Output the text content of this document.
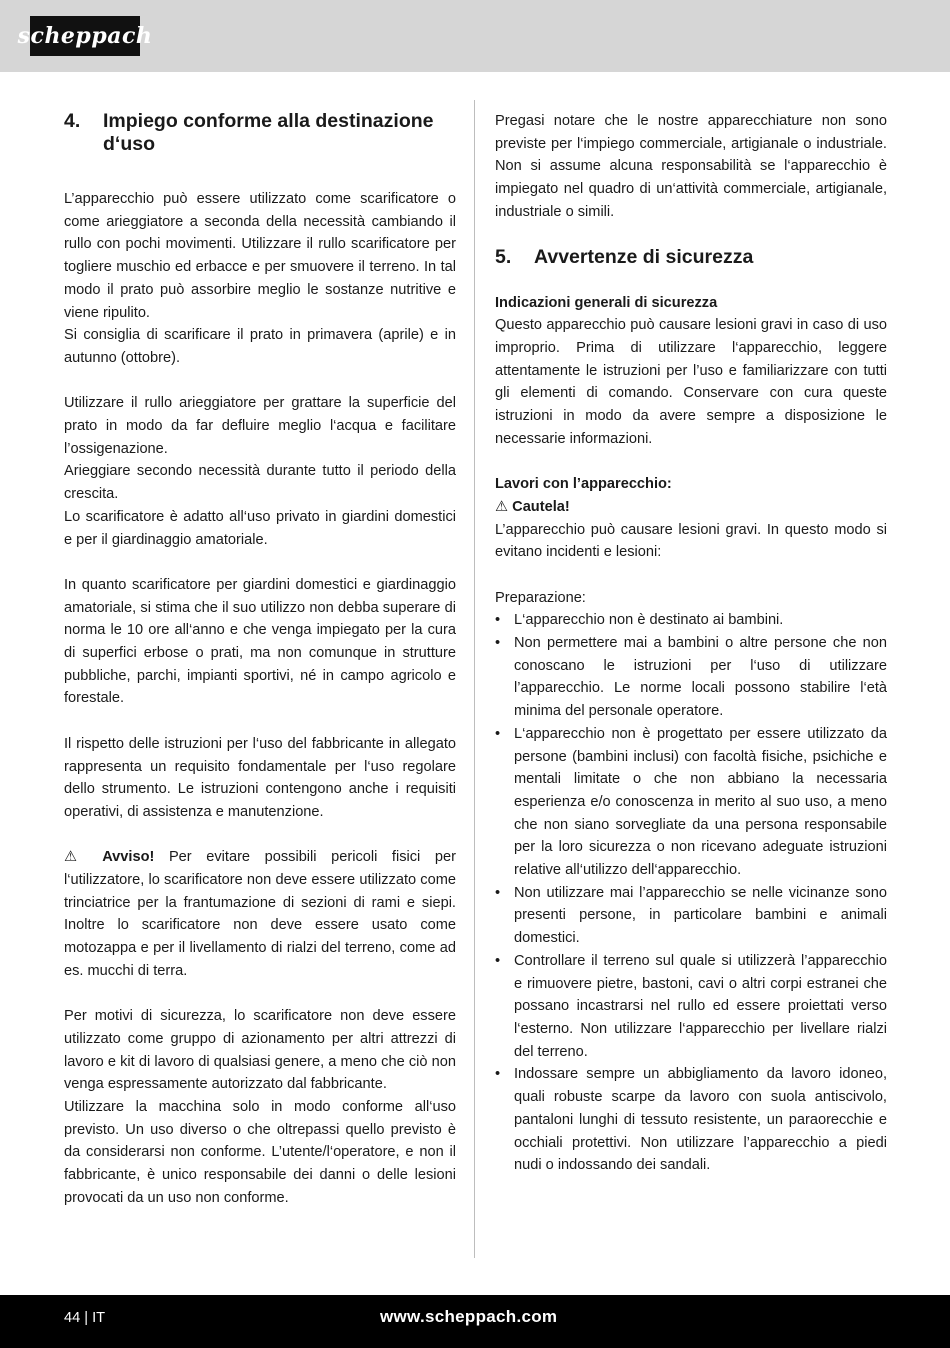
scheppach
4.	Impiego conforme alla destinazione d‘uso

L’apparecchio può essere utilizzato come scarificatore o come arieggiatore a seconda della necessità cambiando il rullo con pochi movimenti. Utilizzare il rullo scarificatore per togliere muschio ed erbacce e per smuovere il terreno. In tal modo il prato può assorbire meglio le sostanze nutritive e viene ripulito.

Si consiglia di scarificare il prato in primavera (aprile) e in autunno (ottobre).

Utilizzare il rullo arieggiatore per grattare la superficie del prato in modo da far defluire meglio l‘acqua e facilitare l’ossigenazione.

Arieggiare secondo necessità durante tutto il periodo della crescita.

Lo scarificatore è adatto all‘uso privato in giardini domestici e per il giardinaggio amatoriale.

In quanto scarificatore per giardini domestici e giardinaggio amatoriale, si stima che il suo utilizzo non debba superare di norma le 10 ore all‘anno e che venga impiegato per la cura di superfici erbose o prati, ma non comunque in strutture pubbliche, parchi, impianti sportivi, né in campo agricolo e forestale.

Il rispetto delle istruzioni per l‘uso del fabbricante in allegato rappresenta un requisito fondamentale per l‘uso regolare dello strumento. Le istruzioni contengono anche i requisiti operativi, di assistenza e manutenzione.

⚠ Avviso! Per evitare possibili pericoli fisici per l‘utilizzatore, lo scarificatore non deve essere utilizzato come trinciatrice per la frantumazione di sezioni di rami e siepi. Inoltre lo scarificatore non deve essere usato come motozappa e per il livellamento di rialzi del terreno, come ad es. mucchi di terra.

Per motivi di sicurezza, lo scarificatore non deve essere utilizzato come gruppo di azionamento per altri attrezzi di lavoro e kit di lavoro di qualsiasi genere, a meno che ciò non venga espressamente autorizzato dal fabbricante.

Utilizzare la macchina solo in modo conforme all‘uso previsto. Un uso diverso o che oltrepassi quello previsto è da considerarsi non conforme. L’utente/l‘operatore, e non il fabbricante, è unico responsabile dei danni o delle lesioni provocati da un uso non conforme.

Pregasi notare che le nostre apparecchiature non sono previste per l‘impiego commerciale, artigianale o industriale. Non si assume alcuna responsabilità se l‘apparecchio è impiegato nel quadro di un‘attività commerciale, artigianale, industriale o simili.

5.	Avvertenze di sicurezza
Indicazioni generali di sicurezza

Questo apparecchio può causare lesioni gravi in caso di uso improprio. Prima di utilizzare l‘apparecchio, leggere attentamente le istruzioni per l’uso e familiarizzare con tutti gli elementi di comando. Conservare con cura queste istruzioni in modo da avere sempre a disposizione le necessarie informazioni.

Lavori con l’apparecchio:
⚠ Cautela!

L’apparecchio può causare lesioni gravi. In questo modo si evitano incidenti e lesioni:

Preparazione:

• L‘apparecchio non è destinato ai bambini.
• Non permettere mai a bambini o altre persone che non conoscano le istruzioni per l‘uso di utilizzare l’apparecchio. Le norme locali possono stabilire l‘età minima del personale operatore.
• L‘apparecchio non è progettato per essere utilizzato da persone (bambini inclusi) con facoltà fisiche, psichiche e mentali limitate o che non abbiano la necessaria esperienza e/o conoscenza in merito al suo uso, a meno che non siano sorvegliate da una persona responsabile per la loro sicurezza o non ricevano adeguate istruzioni relative all‘utilizzo dell‘apparecchio.
• Non utilizzare mai l’apparecchio se nelle vicinanze sono presenti persone, in particolare bambini e animali domestici.
• Controllare il terreno sul quale si utilizzerà l’apparecchio e rimuovere pietre, bastoni, cavi o altri corpi estranei che possano incastrarsi nel rullo ed essere proiettati verso l‘esterno. Non utilizzare l‘apparecchio per livellare rialzi del terreno.
• Indossare sempre un abbigliamento da lavoro idoneo, quali robuste scarpe da lavoro con suola antiscivolo, pantaloni lunghi di tessuto resistente, un paraorecchie e occhiali protettivi. Non utilizzare l’apparecchio a piedi nudi o indossando dei sandali.
44 | IT	www.scheppach.com
